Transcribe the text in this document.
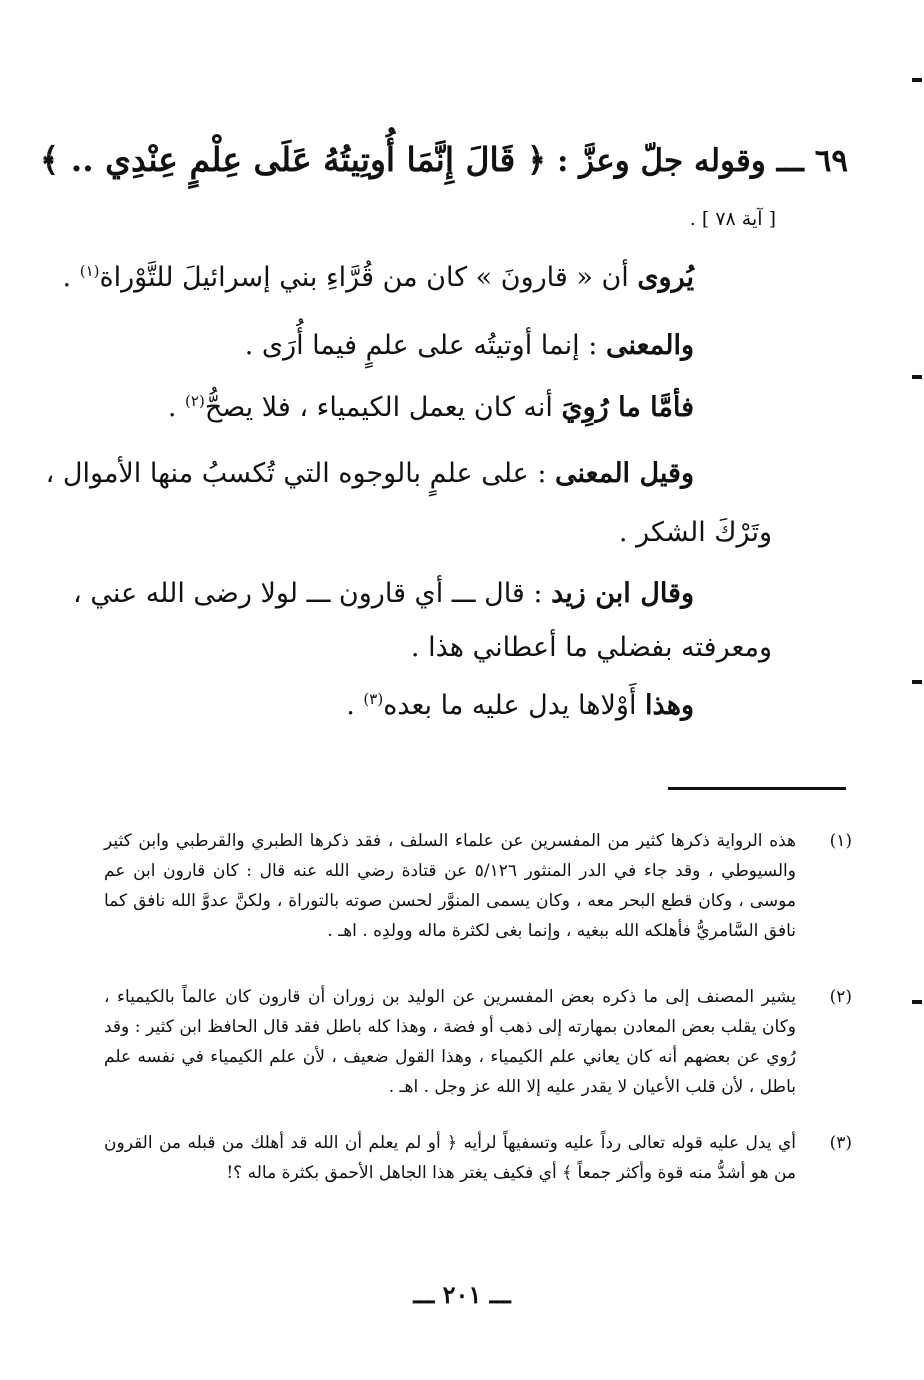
٦٩ ـــ وقوله جلّ وعزَّ : ﴿ قَالَ إِنَّمَا أُوتِيتُهُ عَلَى عِلْمٍ عِنْدِي .. ﴾
[ آية ٧٨ ] .
يُروى أن « قارونَ » كان من قُرَّاءِ بني إسرائيلَ للتَّوْراة$^{(١)}$ .
والمعنى : إنما أوتيتُه على علمٍ فيما أُرَى .
فأمَّا ما رُوِيَ أنه كان يعمل الكيمياء ، فلا يصحُّ$^{(٢)}$ .
وقيل المعنى : على علمٍ بالوجوه التي تُكسبُ منها الأموال ،
وتَرْكَ الشكر .
وقال ابن زيد : قال ـــ أي قارون ـــ لولا رضى الله عني ،
ومعرفته بفضلي ما أعطاني هذا .
وهذا أَوْلاها يدل عليه ما بعده$^{(٣)}$ .
(١)
هذه الرواية ذكرها كثير من المفسرين عن علماء السلف ، فقد ذكرها الطبري والقرطبي وابن كثير والسيوطي ، وقد جاء في الدر المنثور ٥/١٢٦ عن قتادة رضي الله عنه قال : كان قارون ابن عم موسى ، وكان قطع البحر معه ، وكان يسمى المنوَّر لحسن صوته بالتوراة ، ولكنَّ عدوَّ الله نافق كما نافق السَّامريُّ فأهلكه الله ببغيه ، وإنما بغى لكثرة ماله وولدِه . اهـ .
(٢)
يشير المصنف إلى ما ذكره بعض المفسرين عن الوليد بن زوران أن قارون كان عالماً بالكيمياء ، وكان يقلب بعض المعادن بمهارته إلى ذهب أو فضة ، وهذا كله باطل فقد قال الحافظ ابن كثير : وقد رُوي عن بعضهم أنه كان يعاني علم الكيمياء ، وهذا القول ضعيف ، لأن علم الكيمياء في نفسه علم باطل ، لأن قلب الأعيان لا يقدر عليه إلا الله عز وجل . اهـ .
(٣)
أي يدل عليه قوله تعالى رداً عليه وتسفيهاً لرأيه ﴿ أو لم يعلم أن الله قد أهلك من قبله من القرون من هو أشدُّ منه قوة وأكثر جمعاً ﴾ أي فكيف يغتر هذا الجاهل الأحمق بكثرة ماله ؟!
ـــ ٢٠١ ـــ
